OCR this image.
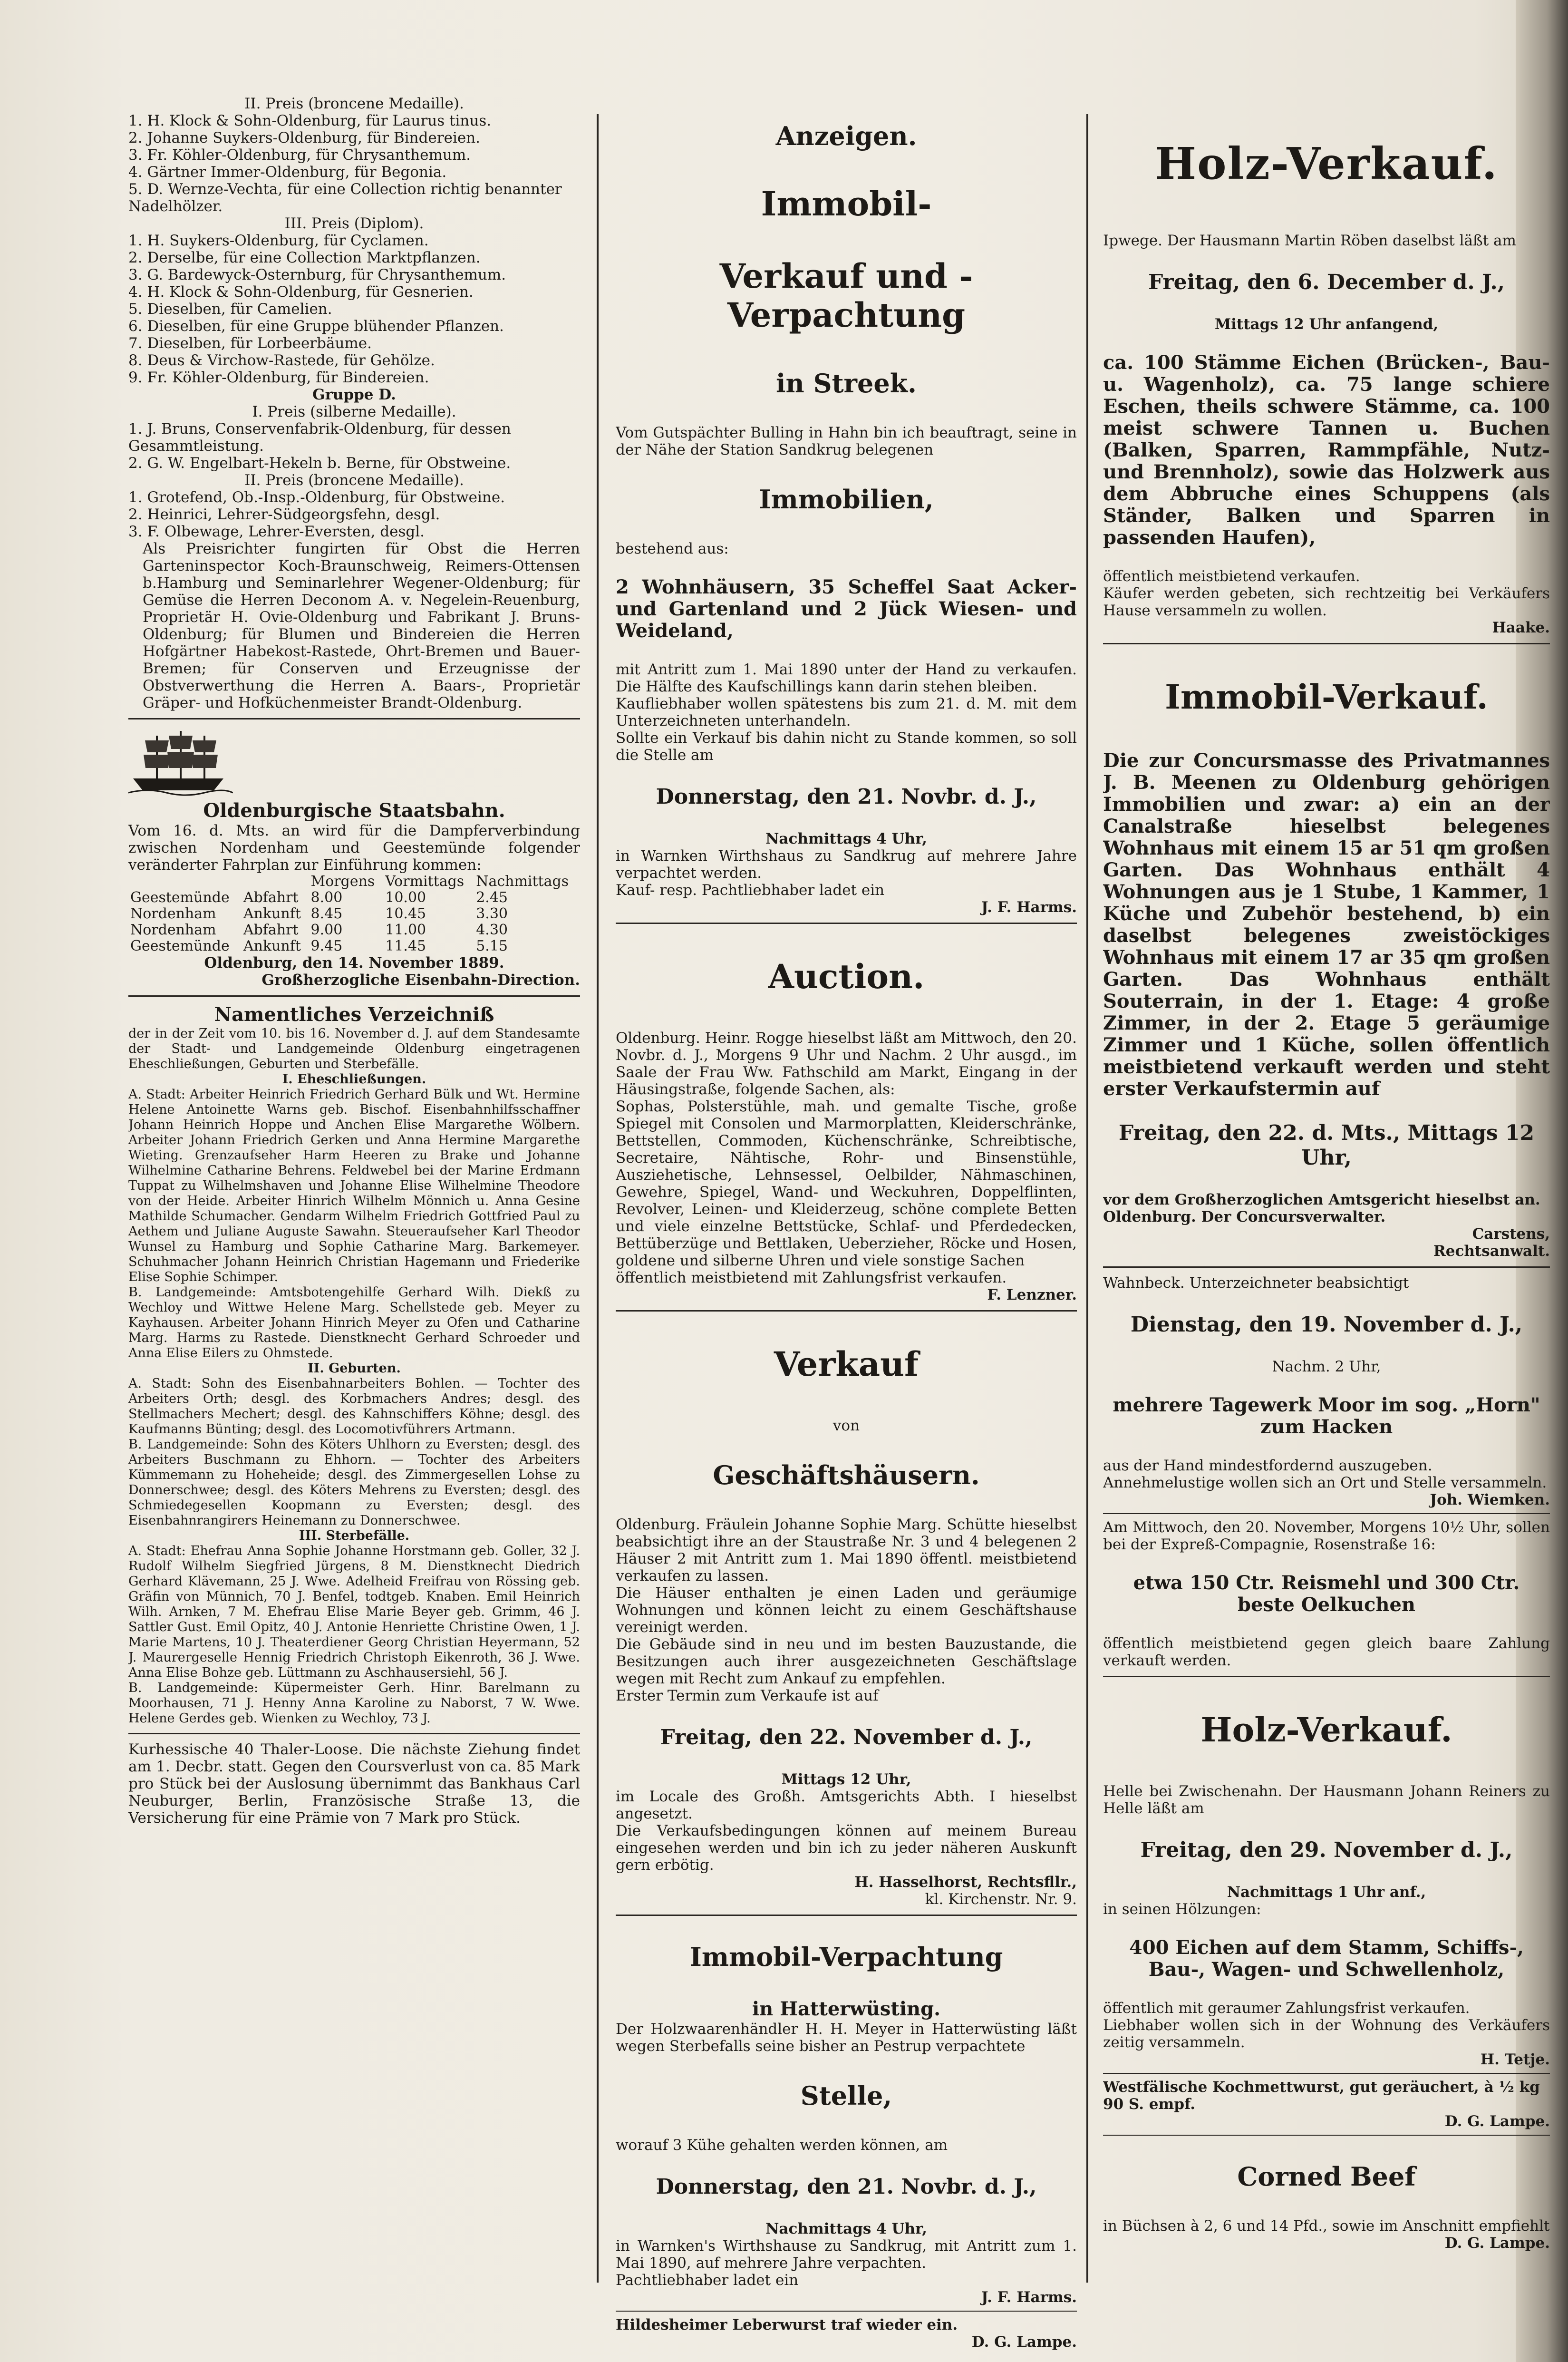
II. Preis (broncene Medaille).

1. H. Klock & Sohn-Oldenburg, für Laurus tinus.

2. Johanne Suykers-Oldenburg, für Bindereien.

3. Fr. Köhler-Oldenburg, für Chrysanthemum.

4. Gärtner Immer-Oldenburg, für Begonia.

5. D. Wernze-Vechta, für eine Collection richtig benannter Nadelhölzer.

III. Preis (Diplom).

1. H. Suykers-Oldenburg, für Cyclamen.

2. Derselbe, für eine Collection Marktpflanzen.

3. G. Bardewyck-Osternburg, für Chrysanthemum.

4. H. Klock & Sohn-Oldenburg, für Gesnerien.

5. Dieselben, für Camelien.

6. Dieselben, für eine Gruppe blühender Pflanzen.

7. Dieselben, für Lorbeerbäume.

8. Deus & Virchow-Rastede, für Gehölze.

9. Fr. Köhler-Oldenburg, für Bindereien.

Gruppe D.

I. Preis (silberne Medaille).

1. J. Bruns, Conservenfabrik-Oldenburg, für dessen Gesammtleistung.

2. G. W. Engelbart-Hekeln b. Berne, für Obstweine.

II. Preis (broncene Medaille).

1. Grotefend, Ob.-Insp.-Oldenburg, für Obstweine.

2. Heinrici, Lehrer-Südgeorgsfehn, desgl.

3. F. Olbewage, Lehrer-Eversten, desgl.

Als Preisrichter fungirten für Obst die Herren Garteninspector Koch-Braunschweig, Reimers-Ottensen b.Hamburg und Seminarlehrer Wegener-Oldenburg; für Gemüse die Herren Deconom A. v. Negelein-Reuenburg, Proprietär H. Ovie-Oldenburg und Fabrikant J. Bruns-Oldenburg; für Blumen und Bindereien die Herren Hofgärtner Habekost-Rastede, Ohrt-Bremen und Bauer-Bremen; für Conserven und Erzeugnisse der Obstverwerthung die Herren A. Baars-, Proprietär Gräper- und Hofküchenmeister Brandt-Oldenburg.

Oldenburgische Staatsbahn.

Vom 16. d. Mts. an wird für die Dampferverbindung zwischen Nordenham und Geestemünde folgender veränderter Fahrplan zur Einführung kommen:

		Morgens	Vormittags	Nachmittags
Geestemünde	Abfahrt	8.00	10.00	2.45
Nordenham	Ankunft	8.45	10.45	3.30
Nordenham	Abfahrt	9.00	11.00	4.30
Geestemünde	Ankunft	9.45	11.45	5.15

Oldenburg, den 14. November 1889.

Großherzogliche Eisenbahn-Direction.

Namentliches Verzeichniß

der in der Zeit vom 10. bis 16. November d. J. auf dem Standesamte der Stadt- und Landgemeinde Oldenburg eingetragenen Eheschließungen, Geburten und Sterbefälle.

I. Eheschließungen.

A. Stadt: Arbeiter Heinrich Friedrich Gerhard Bülk und Wt. Hermine Helene Antoinette Warns geb. Bischof. Eisenbahnhilfsschaffner Johann Heinrich Hoppe und Anchen Elise Margarethe Wölbern. Arbeiter Johann Friedrich Gerken und Anna Hermine Margarethe Wieting. Grenzaufseher Harm Heeren zu Brake und Johanne Wilhelmine Catharine Behrens. Feldwebel bei der Marine Erdmann Tuppat zu Wilhelmshaven und Johanne Elise Wilhelmine Theodore von der Heide. Arbeiter Hinrich Wilhelm Mönnich u. Anna Gesine Mathilde Schumacher. Gendarm Wilhelm Friedrich Gottfried Paul zu Aethem und Juliane Auguste Sawahn. Steueraufseher Karl Theodor Wunsel zu Hamburg und Sophie Catharine Marg. Barkemeyer. Schuhmacher Johann Heinrich Christian Hagemann und Friederike Elise Sophie Schimper.

B. Landgemeinde: Amtsbotengehilfe Gerhard Wilh. Diekß zu Wechloy und Wittwe Helene Marg. Schellstede geb. Meyer zu Kayhausen. Arbeiter Johann Hinrich Meyer zu Ofen und Catharine Marg. Harms zu Rastede. Dienstknecht Gerhard Schroeder und Anna Elise Eilers zu Ohmstede.

II. Geburten.

A. Stadt: Sohn des Eisenbahnarbeiters Bohlen. — Tochter des Arbeiters Orth; desgl. des Korbmachers Andres; desgl. des Stellmachers Mechert; desgl. des Kahnschiffers Köhne; desgl. des Kaufmanns Bünting; desgl. des Locomotivführers Artmann.

B. Landgemeinde: Sohn des Köters Uhlhorn zu Eversten; desgl. des Arbeiters Buschmann zu Ehhorn. — Tochter des Arbeiters Kümmemann zu Hoheheide; desgl. des Zimmergesellen Lohse zu Donnerschwee; desgl. des Köters Mehrens zu Eversten; desgl. des Schmiedegesellen Koopmann zu Eversten; desgl. des Eisenbahnrangirers Heinemann zu Donnerschwee.

III. Sterbefälle.

A. Stadt: Ehefrau Anna Sophie Johanne Horstmann geb. Goller, 32 J. Rudolf Wilhelm Siegfried Jürgens, 8 M. Dienstknecht Diedrich Gerhard Klävemann, 25 J. Wwe. Adelheid Freifrau von Rössing geb. Gräfin von Münnich, 70 J. Benfel, todtgeb. Knaben. Emil Heinrich Wilh. Arnken, 7 M. Ehefrau Elise Marie Beyer geb. Grimm, 46 J. Sattler Gust. Emil Opitz, 40 J. Antonie Henriette Christine Owen, 1 J. Marie Martens, 10 J. Theaterdiener Georg Christian Heyermann, 52 J. Maurergeselle Hennig Friedrich Christoph Eikenroth, 36 J. Wwe. Anna Elise Bohze geb. Lüttmann zu Aschhausersiehl, 56 J.

B. Landgemeinde: Küpermeister Gerh. Hinr. Barelmann zu Moorhausen, 71 J. Henny Anna Karoline zu Naborst, 7 W. Wwe. Helene Gerdes geb. Wienken zu Wechloy, 73 J.

Kurhessische 40 Thaler-Loose. Die nächste Ziehung findet am 1. Decbr. statt. Gegen den Coursverlust von ca. 85 Mark pro Stück bei der Auslosung übernimmt das Bankhaus Carl Neuburger, Berlin, Französische Straße 13, die Versicherung für eine Prämie von 7 Mark pro Stück.

Anzeigen.

Immobil-

Verkauf und -Verpachtung

in Streek.

Vom Gutspächter Bulling in Hahn bin ich beauftragt, seine in der Nähe der Station Sandkrug belegenen

Immobilien,

bestehend aus:

2 Wohnhäusern, 35 Scheffel Saat Acker- und Gartenland und 2 Jück Wiesen- und Weideland,

mit Antritt zum 1. Mai 1890 unter der Hand zu verkaufen. Die Hälfte des Kaufschillings kann darin stehen bleiben.

Kaufliebhaber wollen spätestens bis zum 21. d. M. mit dem Unterzeichneten unterhandeln.

Sollte ein Verkauf bis dahin nicht zu Stande kommen, so soll die Stelle am

Donnerstag, den 21. Novbr. d. J.,

Nachmittags 4 Uhr,

in Warnken Wirthshaus zu Sandkrug auf mehrere Jahre verpachtet werden.

Kauf- resp. Pachtliebhaber ladet ein

J. F. Harms.

Auction.

Oldenburg. Heinr. Rogge hieselbst läßt am Mittwoch, den 20. Novbr. d. J., Morgens 9 Uhr und Nachm. 2 Uhr ausgd., im Saale der Frau Ww. Fathschild am Markt, Eingang in der Häusingstraße, folgende Sachen, als:

Sophas, Polsterstühle, mah. und gemalte Tische, große Spiegel mit Consolen und Marmorplatten, Kleiderschränke, Bettstellen, Commoden, Küchenschränke, Schreibtische, Secretaire, Nähtische, Rohr- und Binsenstühle, Ausziehetische, Lehnsessel, Oelbilder, Nähmaschinen, Gewehre, Spiegel, Wand- und Weckuhren, Doppelflinten, Revolver, Leinen- und Kleiderzeug, schöne complete Betten und viele einzelne Bettstücke, Schlaf- und Pferdedecken, Bettüberzüge und Bettlaken, Ueberzieher, Röcke und Hosen, goldene und silberne Uhren und viele sonstige Sachen

öffentlich meistbietend mit Zahlungsfrist verkaufen.

F. Lenzner.

Verkauf

von

Geschäftshäusern.

Oldenburg. Fräulein Johanne Sophie Marg. Schütte hieselbst beabsichtigt ihre an der Staustraße Nr. 3 und 4 belegenen 2 Häuser 2 mit Antritt zum 1. Mai 1890 öffentl. meistbietend verkaufen zu lassen.

Die Häuser enthalten je einen Laden und geräumige Wohnungen und können leicht zu einem Geschäftshause vereinigt werden.

Die Gebäude sind in neu und im besten Bauzustande, die Besitzungen auch ihrer ausgezeichneten Geschäftslage wegen mit Recht zum Ankauf zu empfehlen.

Erster Termin zum Verkaufe ist auf

Freitag, den 22. November d. J.,

Mittags 12 Uhr,

im Locale des Großh. Amtsgerichts Abth. I hieselbst angesetzt.

Die Verkaufsbedingungen können auf meinem Bureau eingesehen werden und bin ich zu jeder näheren Auskunft gern erbötig.

H. Hasselhorst, Rechtsfllr.,

kl. Kirchenstr. Nr. 9.

Immobil-Verpachtung

in Hatterwüsting.

Der Holzwaarenhändler H. H. Meyer in Hatterwüsting läßt wegen Sterbefalls seine bisher an Pestrup verpachtete

Stelle,

worauf 3 Kühe gehalten werden können, am

Donnerstag, den 21. Novbr. d. J.,

Nachmittags 4 Uhr,

in Warnken's Wirthshause zu Sandkrug, mit Antritt zum 1. Mai 1890, auf mehrere Jahre verpachten.

Pachtliebhaber ladet ein

J. F. Harms.

Hildesheimer Leberwurst traf wieder ein.

D. G. Lampe.

Holz-Verkauf.

Ipwege. Der Hausmann Martin Röben daselbst läßt am

Freitag, den 6. December d. J.,

Mittags 12 Uhr anfangend,

ca. 100 Stämme Eichen (Brücken-, Bau- u. Wagenholz), ca. 75 lange schiere Eschen, theils schwere Stämme, ca. 100 meist schwere Tannen u. Buchen (Balken, Sparren, Rammpfähle, Nutz- und Brennholz), sowie das Holzwerk aus dem Abbruche eines Schuppens (als Ständer, Balken und Sparren in passenden Haufen),

öffentlich meistbietend verkaufen.

Käufer werden gebeten, sich rechtzeitig bei Verkäufers Hause versammeln zu wollen.

Haake.

Immobil-Verkauf.

Die zur Concursmasse des Privatmannes J. B. Meenen zu Oldenburg gehörigen Immobilien und zwar: a) ein an der Canalstraße hieselbst belegenes Wohnhaus mit einem 15 ar 51 qm großen Garten. Das Wohnhaus enthält 4 Wohnungen aus je 1 Stube, 1 Kammer, 1 Küche und Zubehör bestehend, b) ein daselbst belegenes zweistöckiges Wohnhaus mit einem 17 ar 35 qm großen Garten. Das Wohnhaus enthält Souterrain, in der 1. Etage: 4 große Zimmer, in der 2. Etage 5 geräumige Zimmer und 1 Küche, sollen öffentlich meistbietend verkauft werden und steht erster Verkaufstermin auf

Freitag, den 22. d. Mts., Mittags 12 Uhr,

vor dem Großherzoglichen Amtsgericht hieselbst an.

Oldenburg. Der Concursverwalter.

Carstens,

Rechtsanwalt.

Wahnbeck. Unterzeichneter beabsichtigt

Dienstag, den 19. November d. J.,

Nachm. 2 Uhr,

mehrere Tagewerk Moor im sog. „Horn" zum Hacken

aus der Hand mindestfordernd auszugeben.

Annehmelustige wollen sich an Ort und Stelle versammeln.

Joh. Wiemken.

Am Mittwoch, den 20. November, Morgens 10½ Uhr, sollen bei der Expreß-Compagnie, Rosenstraße 16:

etwa 150 Ctr. Reismehl und 300 Ctr. beste Oelkuchen

öffentlich meistbietend gegen gleich baare Zahlung verkauft werden.

Holz-Verkauf.

Helle bei Zwischenahn. Der Hausmann Johann Reiners zu Helle läßt am

Freitag, den 29. November d. J.,

Nachmittags 1 Uhr anf.,

in seinen Hölzungen:

400 Eichen auf dem Stamm, Schiffs-, Bau-, Wagen- und Schwellenholz,

öffentlich mit geraumer Zahlungsfrist verkaufen.

Liebhaber wollen sich in der Wohnung des Verkäufers zeitig versammeln.

H. Tetje.

Westfälische Kochmettwurst, gut geräuchert, à ½ kg 90 S. empf.

D. G. Lampe.

Corned Beef

in Büchsen à 2, 6 und 14 Pfd., sowie im Anschnitt empfiehlt

D. G. Lampe.
